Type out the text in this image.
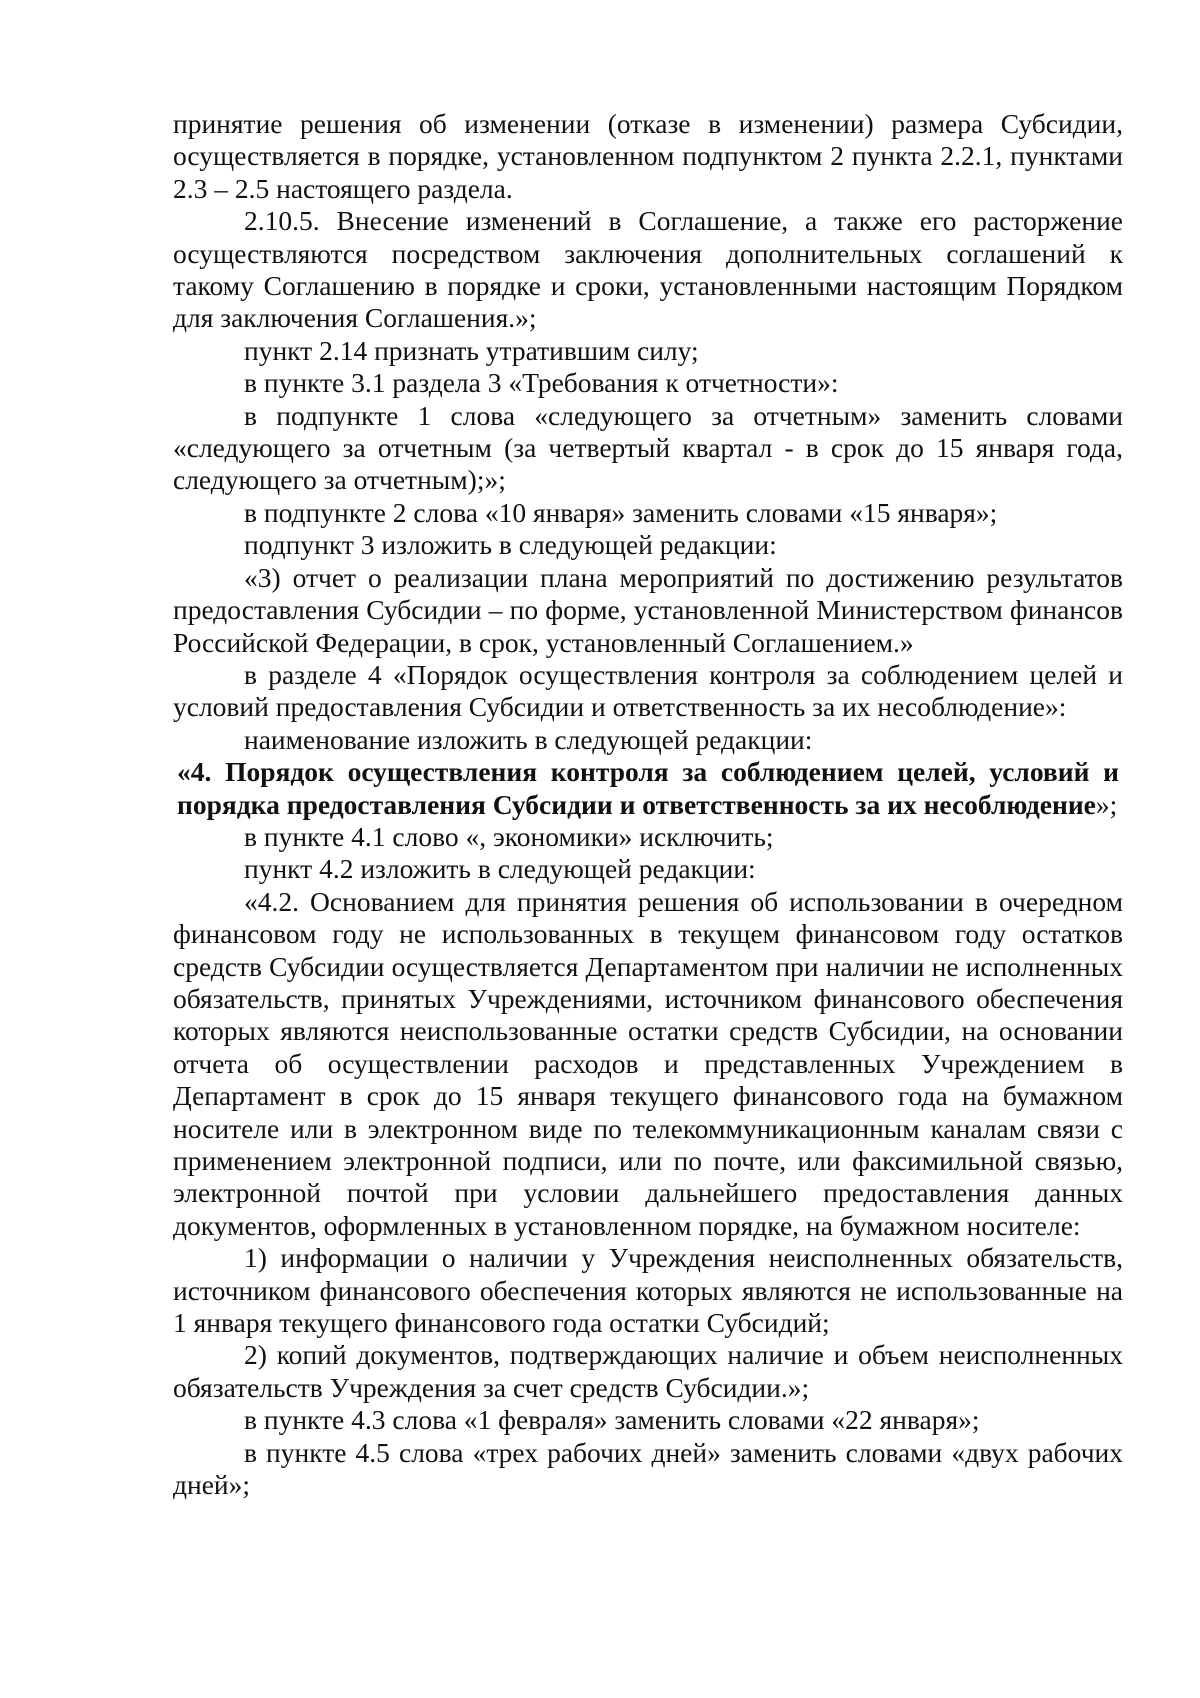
принятие решения об изменении (отказе в изменении) размера Субсидии, осуществляется в порядке, установленном подпунктом 2 пункта 2.2.1, пунктами 2.3 – 2.5 настоящего раздела.

2.10.5. Внесение изменений в Соглашение, а также его расторжение осуществляются посредством заключения дополнительных соглашений к такому Соглашению в порядке и сроки, установленными настоящим Порядком для заключения Соглашения.»;

пункт 2.14 признать утратившим силу;

в пункте 3.1 раздела 3 «Требования к отчетности»:

в подпункте 1 слова «следующего за отчетным» заменить словами «следующего за отчетным (за четвертый квартал - в срок до 15 января года, следующего за отчетным);»;

в подпункте 2 слова «10 января» заменить словами «15 января»;

подпункт 3 изложить в следующей редакции:

«3) отчет о реализации плана мероприятий по достижению результатов предоставления Субсидии – по форме, установленной Министерством финансов Российской Федерации, в срок, установленный Соглашением.»

в разделе 4 «Порядок осуществления контроля за соблюдением целей и условий предоставления Субсидии и ответственность за их несоблюдение»:

наименование изложить в следующей редакции:

«4. Порядок осуществления контроля за соблюдением целей, условий и порядка предоставления Субсидии и ответственность за их несоблюдение»;

в пункте 4.1 слово «, экономики» исключить;

пункт 4.2 изложить в следующей редакции:

«4.2. Основанием для принятия решения об использовании в очередном финансовом году не использованных в текущем финансовом году остатков средств Субсидии осуществляется Департаментом при наличии не исполненных обязательств, принятых Учреждениями, источником финансового обеспечения которых являются неиспользованные остатки средств Субсидии, на основании отчета об осуществлении расходов и представленных Учреждением в Департамент в срок до 15 января текущего финансового года на бумажном носителе или в электронном виде по телекоммуникационным каналам связи с применением электронной подписи, или по почте, или факсимильной связью, электронной почтой при условии дальнейшего предоставления данных документов, оформленных в установленном порядке, на бумажном носителе:

1) информации о наличии у Учреждения неисполненных обязательств, источником финансового обеспечения которых являются не использованные на 1 января текущего финансового года остатки Субсидий;

2) копий документов, подтверждающих наличие и объем неисполненных обязательств Учреждения за счет средств Субсидии.»;

в пункте 4.3 слова «1 февраля» заменить словами «22 января»;

в пункте 4.5 слова «трех рабочих дней» заменить словами «двух рабочих дней»;
